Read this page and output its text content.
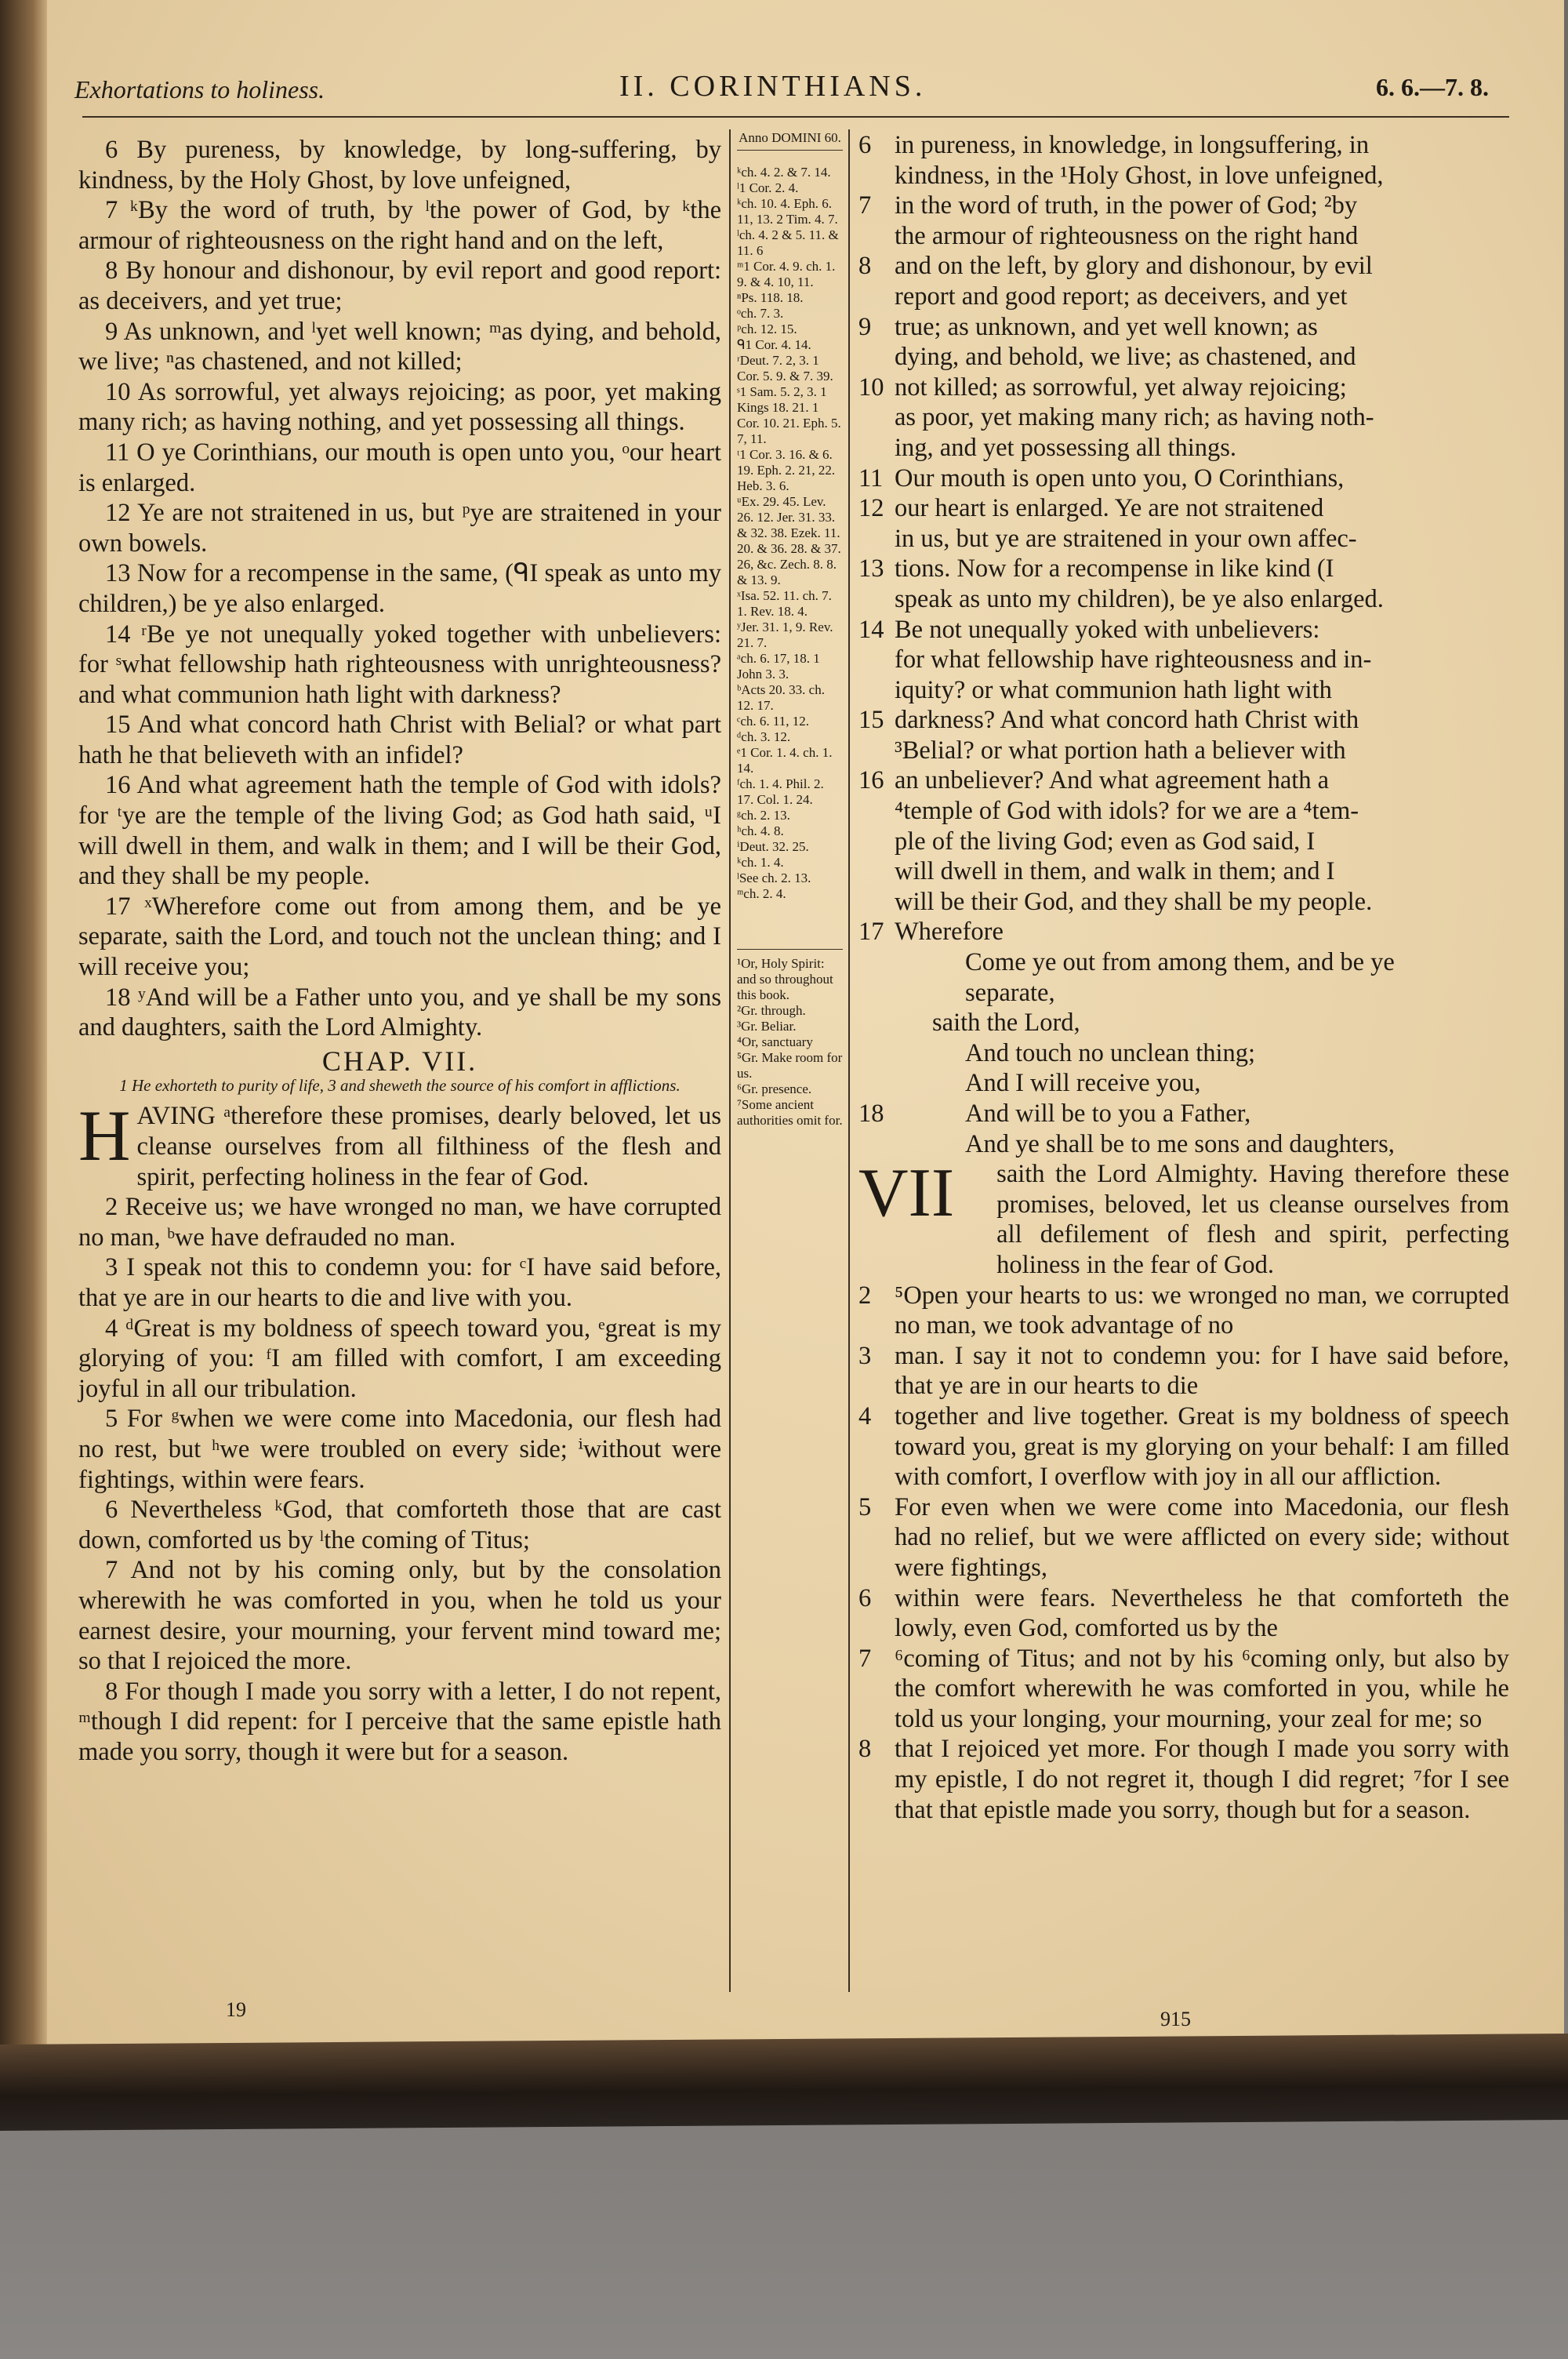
Exhortations to holiness.	II. CORINTHIANS.	6. 6.—7. 8.

6 By pureness, by knowledge, by long-suffering, by kindness, by the Holy Ghost, by love unfeigned,

7 ᵏBy the word of truth, by ˡthe power of God, by ᵏthe armour of righteousness on the right hand and on the left,

8 By honour and dishonour, by evil report and good report: as deceivers, and yet true;

9 As unknown, and ˡyet well known; ᵐas dying, and behold, we live; ⁿas chastened, and not killed;

10 As sorrowful, yet always rejoicing; as poor, yet making many rich; as having nothing, and yet possessing all things.

11 O ye Corinthians, our mouth is open unto you, ᵒour heart is enlarged.

12 Ye are not straitened in us, but ᵖye are straitened in your own bowels.

13 Now for a recompense in the same, (ᑫI speak as unto my children,) be ye also enlarged.

14 ʳBe ye not unequally yoked together with unbelievers: for ˢwhat fellowship hath righteousness with unrighteousness? and what communion hath light with darkness?

15 And what concord hath Christ with Belial? or what part hath he that believeth with an infidel?

16 And what agreement hath the temple of God with idols? for ᵗye are the temple of the living God; as God hath said, ᵘI will dwell in them, and walk in them; and I will be their God, and they shall be my people.

17 ˣWherefore come out from among them, and be ye separate, saith the Lord, and touch not the unclean thing; and I will receive you;

18 ʸAnd will be a Father unto you, and ye shall be my sons and daughters, saith the Lord Almighty.

CHAP. VII.

1 He exhorteth to purity of life, 3 and sheweth the source of his comfort in afflictions.

H AVING ᵃtherefore these promises, dearly beloved, let us cleanse ourselves from all filthiness of the flesh and spirit, perfecting holiness in the fear of God.

2 Receive us; we have wronged no man, we have corrupted no man, ᵇwe have defrauded no man.

3 I speak not this to condemn you: for ᶜI have said before, that ye are in our hearts to die and live with you.

4 ᵈGreat is my boldness of speech toward you, ᵉgreat is my glorying of you: ᶠI am filled with comfort, I am exceeding joyful in all our tribulation.

5 For ᵍwhen we were come into Macedonia, our flesh had no rest, but ʰwe were troubled on every side; ⁱwithout were fightings, within were fears.

6 Nevertheless ᵏGod, that comforteth those that are cast down, comforted us by ˡthe coming of Titus;

7 And not by his coming only, but by the consolation wherewith he was comforted in you, when he told us your earnest desire, your mourning, your fervent mind toward me; so that I rejoiced the more.

8 For though I made you sorry with a letter, I do not repent, ᵐthough I did repent: for I perceive that the same epistle hath made you sorry, though it were but for a season.

19
Anno DOMINI 60.

ᵏch. 4. 2. & 7. 14.

ˡ1 Cor. 2. 4.

ᵏch. 10. 4. Eph. 6. 11, 13. 2 Tim. 4. 7.

ˡch. 4. 2 & 5. 11. & 11. 6

ᵐ1 Cor. 4. 9. ch. 1. 9. & 4. 10, 11.

ⁿPs. 118. 18.

ᵒch. 7. 3.

ᵖch. 12. 15.

ᑫ1 Cor. 4. 14.

ʳDeut. 7. 2, 3. 1 Cor. 5. 9. & 7. 39.

ˢ1 Sam. 5. 2, 3. 1 Kings 18. 21. 1 Cor. 10. 21. Eph. 5. 7, 11.

ᵗ1 Cor. 3. 16. & 6. 19. Eph. 2. 21, 22. Heb. 3. 6.

ᵘEx. 29. 45. Lev. 26. 12. Jer. 31. 33. & 32. 38. Ezek. 11. 20. & 36. 28. & 37. 26, &c. Zech. 8. 8. & 13. 9.

ˣIsa. 52. 11. ch. 7. 1. Rev. 18. 4.

ʸJer. 31. 1, 9. Rev. 21. 7.

ᵃch. 6. 17, 18. 1 John 3. 3.

ᵇActs 20. 33. ch. 12. 17.

ᶜch. 6. 11, 12.

ᵈch. 3. 12.

ᵉ1 Cor. 1. 4. ch. 1. 14.

ᶠch. 1. 4. Phil. 2. 17. Col. 1. 24.

ᵍch. 2. 13.

ʰch. 4. 8.

ⁱDeut. 32. 25.

ᵏch. 1. 4.

ˡSee ch. 2. 13.

ᵐch. 2. 4.

¹Or, Holy Spirit: and so throughout this book.

²Gr. through.

³Gr. Beliar.

⁴Or, sanctuary

⁵Gr. Make room for us.

⁶Gr. presence.

⁷Some ancient authorities omit for.

6 in pureness, in knowledge, in longsuffering, in
kindness, in the ¹Holy Ghost, in love unfeigned,
7 in the word of truth, in the power of God; ²by
the armour of righteousness on the right hand
8 and on the left, by glory and dishonour, by evil
report and good report; as deceivers, and yet
9 true; as unknown, and yet well known; as
dying, and behold, we live; as chastened, and
10 not killed; as sorrowful, yet alway rejoicing;
as poor, yet making many rich; as having noth-
ing, and yet possessing all things.
11 Our mouth is open unto you, O Corinthians,
12 our heart is enlarged. Ye are not straitened
in us, but ye are straitened in your own affec-
13 tions. Now for a recompense in like kind (I
speak as unto my children), be ye also enlarged.
14 Be not unequally yoked with unbelievers:
for what fellowship have righteousness and in-
iquity? or what communion hath light with
15 darkness? And what concord hath Christ with
³Belial? or what portion hath a believer with
16 an unbeliever? And what agreement hath a
⁴temple of God with idols? for we are a ⁴tem-
ple of the living God; even as God said, I
will dwell in them, and walk in them; and I
will be their God, and they shall be my people.
17 Wherefore
Come ye out from among them, and be ye
separate,
saith the Lord,
And touch no unclean thing;
And I will receive you,
18	And will be to you a Father,
And ye shall be to me sons and daughters,
VII saith the Lord Almighty. Having therefore these promises, beloved, let us cleanse ourselves from all defilement of flesh and spirit, perfecting holiness in the fear of God.
2 ⁵Open your hearts to us: we wronged no man, we corrupted no man, we took advantage of no
3 man. I say it not to condemn you: for I have said before, that ye are in our hearts to die
4 together and live together. Great is my boldness of speech toward you, great is my glorying on your behalf: I am filled with comfort, I overflow with joy in all our affliction.
5 For even when we were come into Macedonia, our flesh had no relief, but we were afflicted on every side; without were fightings,
6 within were fears. Nevertheless he that comforteth the lowly, even God, comforted us by the
7 ⁶coming of Titus; and not by his ⁶coming only, but also by the comfort wherewith he was comforted in you, while he told us your longing, your mourning, your zeal for me; so
8 that I rejoiced yet more. For though I made you sorry with my epistle, I do not regret it, though I did regret; ⁷for I see that that epistle made you sorry, though but for a season.
915
